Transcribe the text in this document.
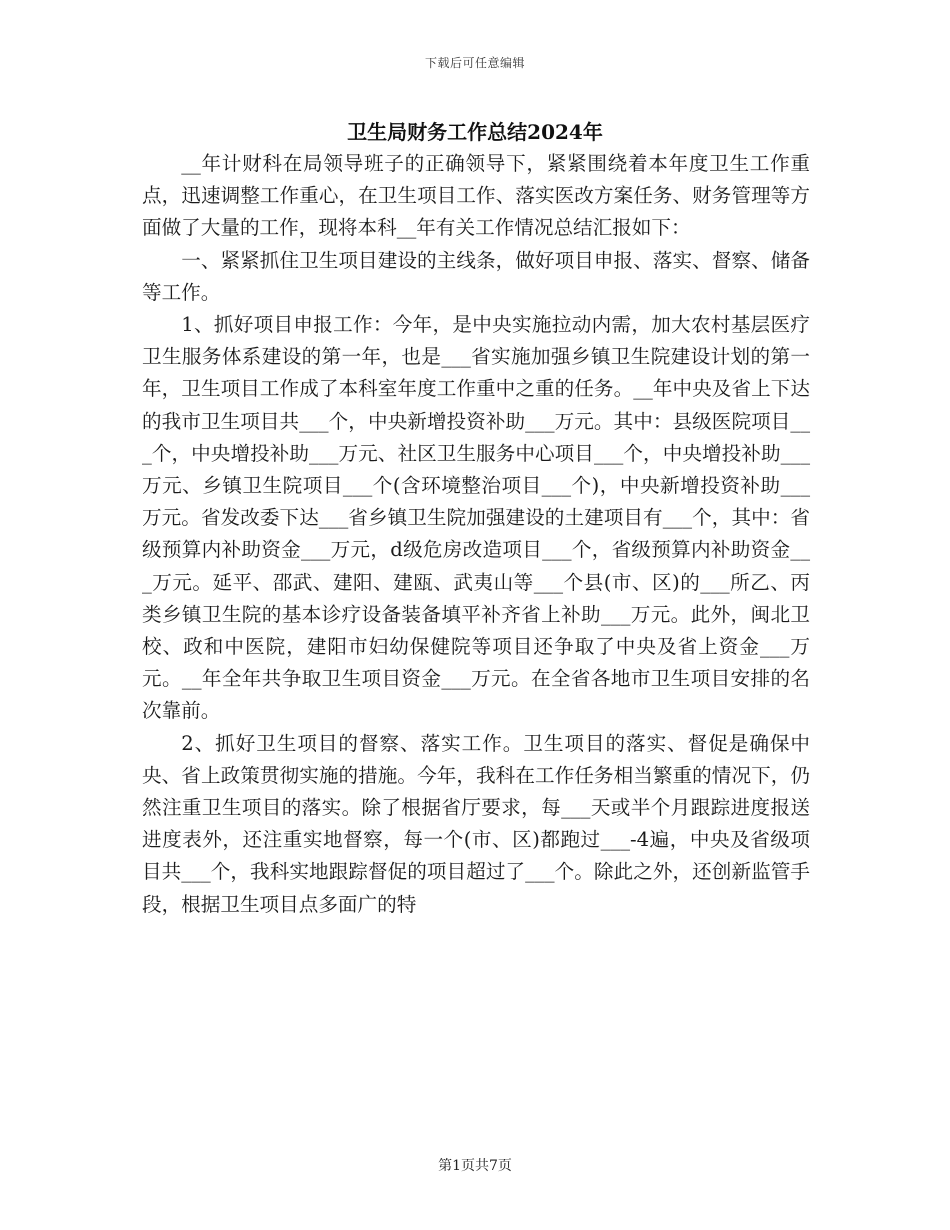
下载后可任意编辑
卫生局财务工作总结2024年

__年计财科在局领导班子的正确领导下，紧紧围绕着本年度卫生工作重点，迅速调整工作重心，在卫生项目工作、落实医改方案任务、财务管理等方面做了大量的工作，现将本科__年有关工作情况总结汇报如下：

一、紧紧抓住卫生项目建设的主线条，做好项目申报、落实、督察、储备等工作。

1、抓好项目申报工作：今年，是中央实施拉动内需，加大农村基层医疗卫生服务体系建设的第一年，也是___省实施加强乡镇卫生院建设计划的第一年，卫生项目工作成了本科室年度工作重中之重的任务。__年中央及省上下达的我市卫生项目共___个，中央新增投资补助___万元。其中：县级医院项目___个，中央增投补助___万元、社区卫生服务中心项目___个，中央增投补助___万元、乡镇卫生院项目___个(含环境整治项目___个)，中央新增投资补助___万元。省发改委下达___省乡镇卫生院加强建设的土建项目有___个，其中：省级预算内补助资金___万元，d级危房改造项目___个，省级预算内补助资金___万元。延平、邵武、建阳、建瓯、武夷山等___个县(市、区)的___所乙、丙类乡镇卫生院的基本诊疗设备装备填平补齐省上补助___万元。此外，闽北卫校、政和中医院，建阳市妇幼保健院等项目还争取了中央及省上资金___万元。__年全年共争取卫生项目资金___万元。在全省各地市卫生项目安排的名次靠前。

2、抓好卫生项目的督察、落实工作。卫生项目的落实、督促是确保中央、省上政策贯彻实施的措施。今年，我科在工作任务相当繁重的情况下，仍然注重卫生项目的落实。除了根据省厅要求，每___天或半个月跟踪进度报送进度表外，还注重实地督察，每一个(市、区)都跑过___-4遍，中央及省级项目共___个，我科实地跟踪督促的项目超过了___个。除此之外，还创新监管手段，根据卫生项目点多面广的特

第1页共7页
